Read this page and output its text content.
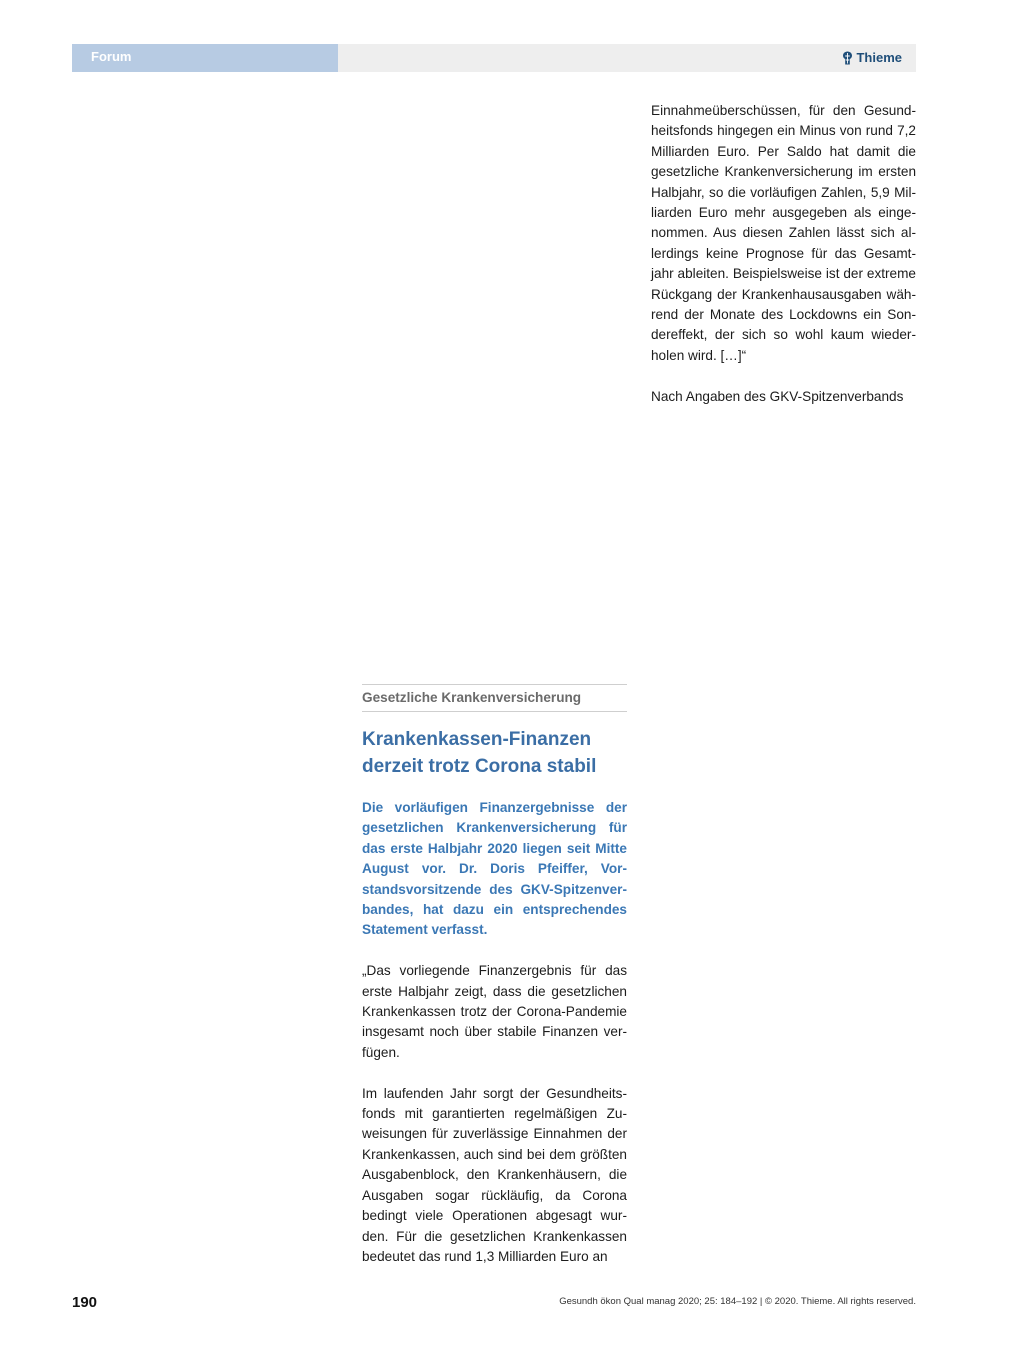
Forum	Thieme

Einnahmeüberschüssen, für den Gesundheitsfonds hingegen ein Minus von rund 7,2 Milliarden Euro. Per Saldo hat damit die gesetzliche Krankenversicherung im ersten Halbjahr, so die vorläufigen Zahlen, 5,9 Milliarden Euro mehr ausgegeben als eingenommen. Aus diesen Zahlen lässt sich allerdings keine Prognose für das Gesamtjahr ableiten. Beispielsweise ist der extreme Rückgang der Krankenhausausgaben während der Monate des Lockdowns ein Sondereffekt, der sich so wohl kaum wiederholen wird. […]“

Nach Angaben des GKV-Spitzenverbands

Gesetzliche Krankenversicherung
Krankenkassen-Finanzen derzeit trotz Corona stabil

Die vorläufigen Finanzergebnisse der gesetzlichen Krankenversicherung für das erste Halbjahr 2020 liegen seit Mitte August vor. Dr. Doris Pfeiffer, Vorstandsvorsitzende des GKV-Spitzenverbandes, hat dazu ein entsprechendes Statement verfasst.

„Das vorliegende Finanzergebnis für das erste Halbjahr zeigt, dass die gesetzlichen Krankenkassen trotz der Corona-Pandemie insgesamt noch über stabile Finanzen verfügen.

Im laufenden Jahr sorgt der Gesundheitsfonds mit garantierten regelmäßigen Zuweisungen für zuverlässige Einnahmen der Krankenkassen, auch sind bei dem größten Ausgabenblock, den Krankenhäusern, die Ausgaben sogar rückläufig, da Corona bedingt viele Operationen abgesagt wurden. Für die gesetzlichen Krankenkassen bedeutet das rund 1,3 Milliarden Euro an

190	Gesundh ökon Qual manag 2020; 25: 184–192 | © 2020. Thieme. All rights reserved.
